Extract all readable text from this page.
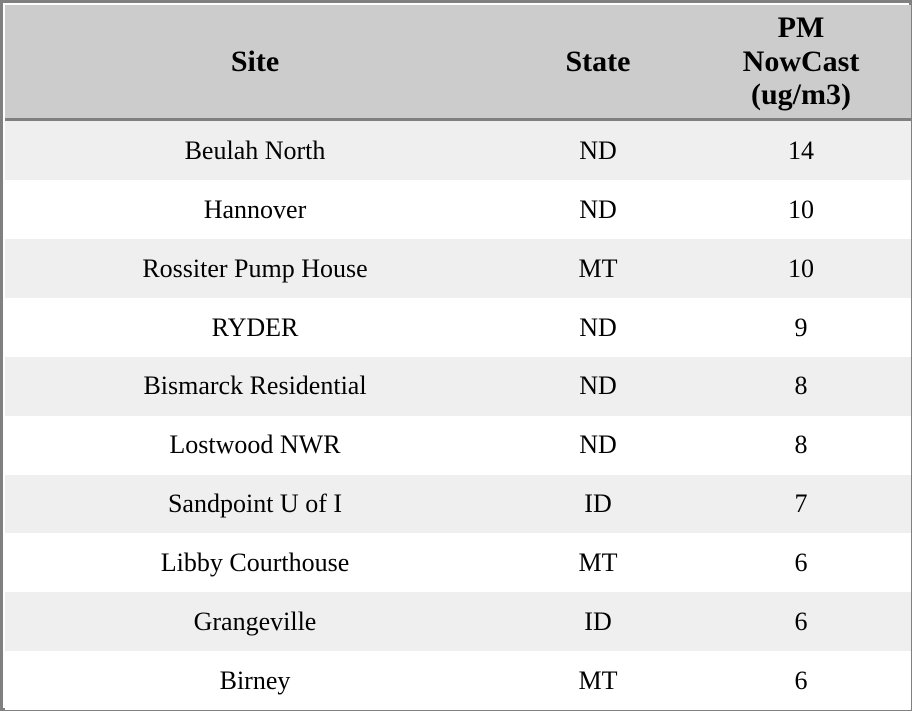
Site	State	PM
NowCast
(ug/m3)

Beulah North	ND	14
Hannover	ND	10
Rossiter Pump House	MT	10
RYDER	ND	9
Bismarck Residential	ND	8
Lostwood NWR	ND	8
Sandpoint U of I	ID	7
Libby Courthouse	MT	6
Grangeville	ID	6
Birney	MT	6
